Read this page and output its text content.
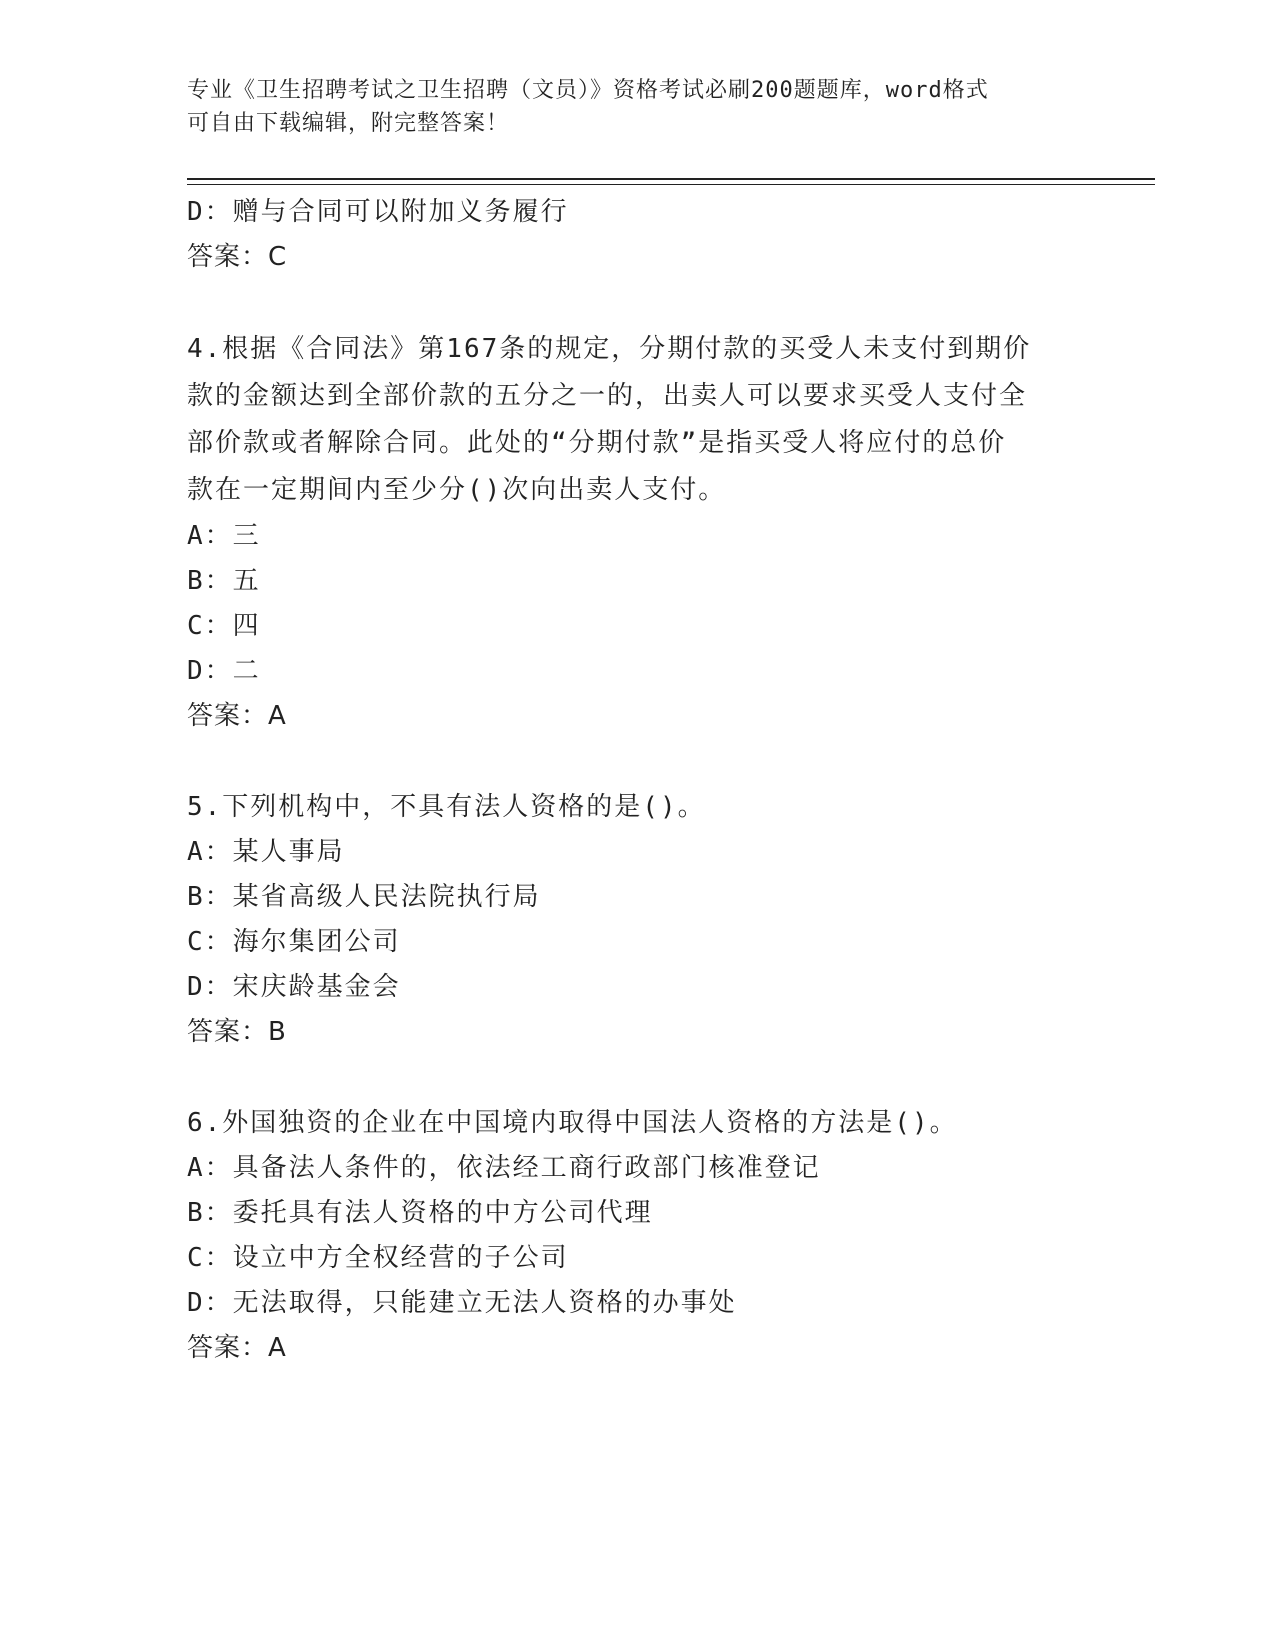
专业《卫生招聘考试之卫生招聘（文员）》资格考试必刷200题题库，word格式
可自由下载编辑，附完整答案！
D：赠与合同可以附加义务履行
答案：C
4.根据《合同法》第167条的规定，分期付款的买受人未支付到期价
款的金额达到全部价款的五分之一的，出卖人可以要求买受人支付全
部价款或者解除合同。此处的“分期付款”是指买受人将应付的总价
款在一定期间内至少分()次向出卖人支付。
A：三
B：五
C：四
D：二
答案：A
5.下列机构中，不具有法人资格的是()。
A：某人事局
B：某省高级人民法院执行局
C：海尔集团公司
D：宋庆龄基金会
答案：B
6.外国独资的企业在中国境内取得中国法人资格的方法是()。
A：具备法人条件的，依法经工商行政部门核准登记
B：委托具有法人资格的中方公司代理
C：设立中方全权经营的子公司
D：无法取得，只能建立无法人资格的办事处
答案：A
